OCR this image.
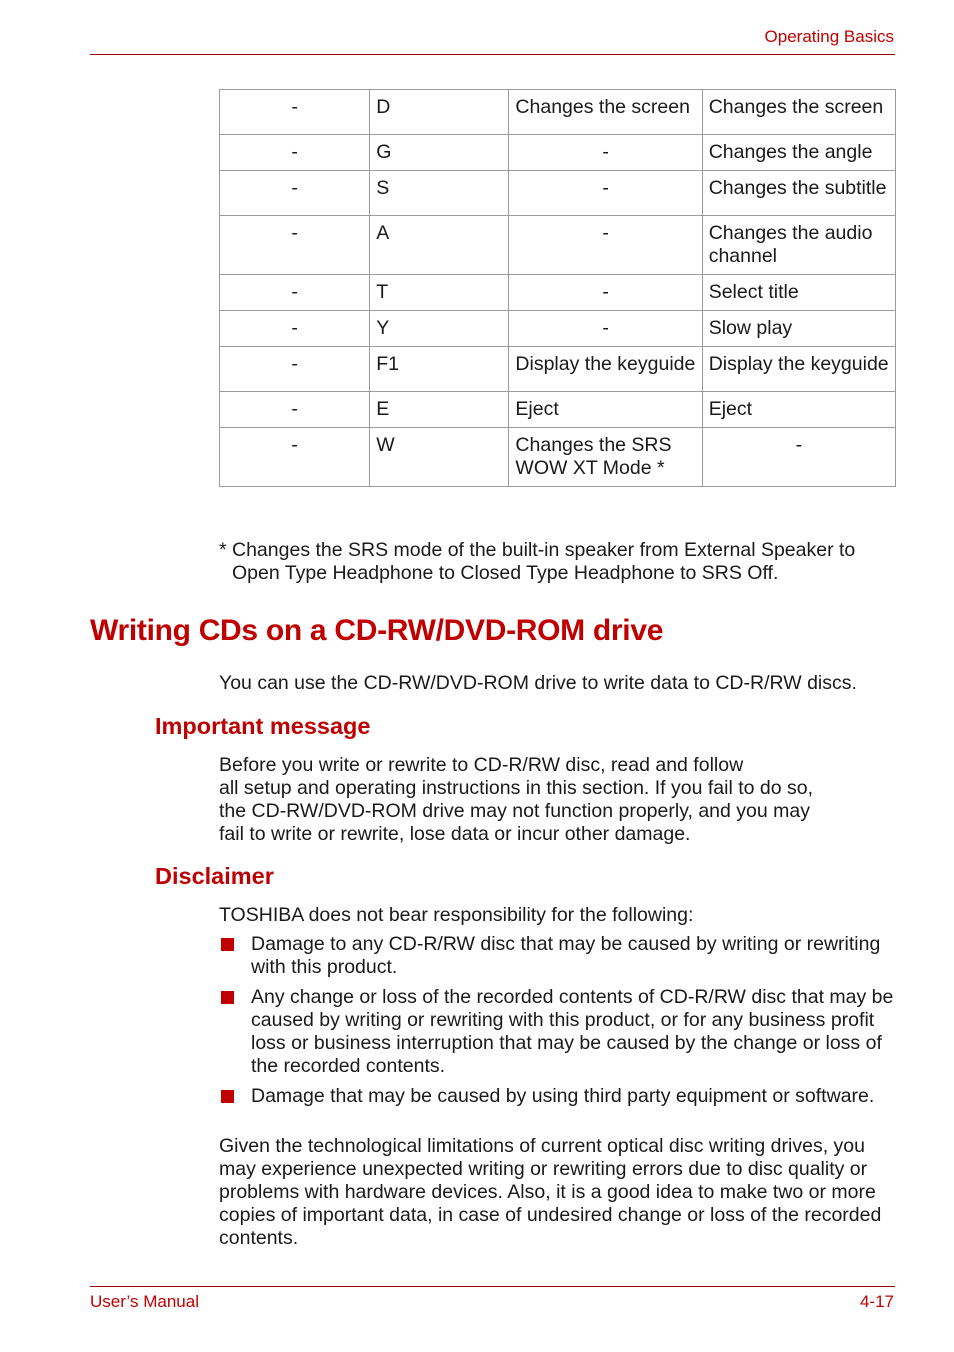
Operating Basics
-	D	Changes the screen	Changes the screen
-	G	-	Changes the angle
-	S	-	Changes the subtitle
-	A	-	Changes the audio channel
-	T	-	Select title
-	Y	-	Slow play
-	F1	Display the keyguide	Display the keyguide
-	E	Eject	Eject
-	W	Changes the SRS WOW XT Mode *	-
* Changes the SRS mode of the built-in speaker from External Speaker to
Open Type Headphone to Closed Type Headphone to SRS Off.
Writing CDs on a CD-RW/DVD-ROM drive
You can use the CD-RW/DVD-ROM drive to write data to CD-R/RW discs.
Important message
Before you write or rewrite to CD-R/RW disc, read and follow
all setup and operating instructions in this section. If you fail to do so,
the CD-RW/DVD-ROM drive may not function properly, and you may
fail to write or rewrite, lose data or incur other damage.
Disclaimer
TOSHIBA does not bear responsibility for the following:
Damage to any CD-R/RW disc that may be caused by writing or rewriting with this product.
Any change or loss of the recorded contents of CD-R/RW disc that may be caused by writing or rewriting with this product, or for any business profit loss or business interruption that may be caused by the change or loss of the recorded contents.
Damage that may be caused by using third party equipment or software.
Given the technological limitations of current optical disc writing drives, you may experience unexpected writing or rewriting errors due to disc quality or problems with hardware devices. Also, it is a good idea to make two or more copies of important data, in case of undesired change or loss of the recorded contents.
User’s Manual	4-17
